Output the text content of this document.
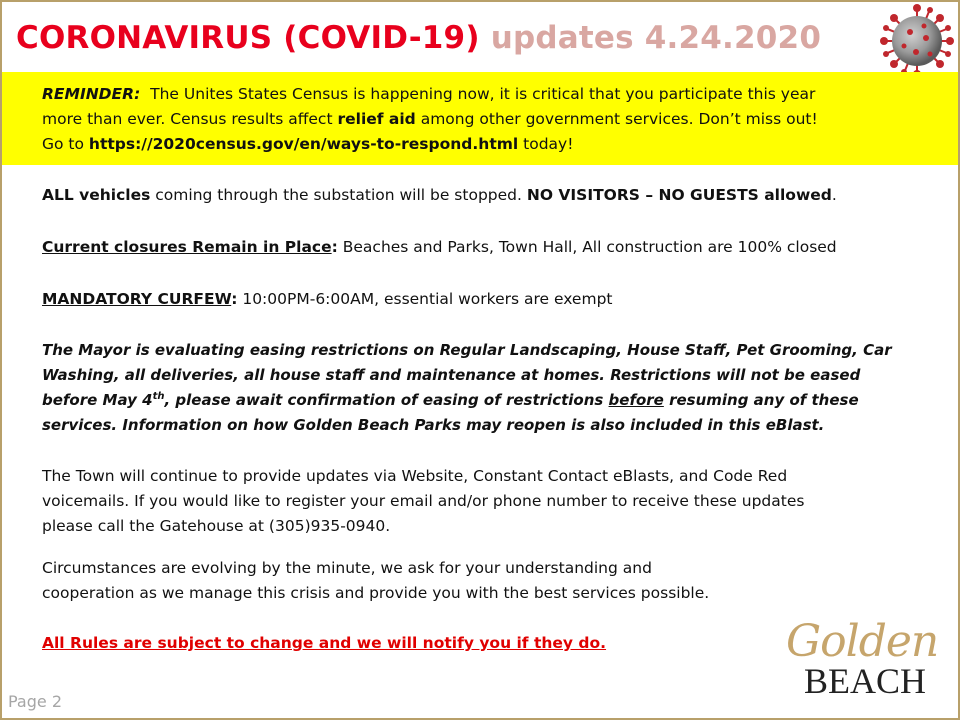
CORONAVIRUS (COVID-19) updates 4.24.2020

REMINDER: The Unites States Census is happening now, it is critical that you participate this year
more than ever. Census results affect relief aid among other government services. Don’t miss out!
Go to https://2020census.gov/en/ways-to-respond.html today!

ALL vehicles coming through the substation will be stopped. NO VISITORS – NO GUESTS allowed.

Current closures Remain in Place: Beaches and Parks, Town Hall, All construction are 100% closed

MANDATORY CURFEW: 10:00PM-6:00AM, essential workers are exempt

The Mayor is evaluating easing restrictions on Regular Landscaping, House Staff, Pet Grooming, Car
Washing, all deliveries, all house staff and maintenance at homes. Restrictions will not be eased
before May 4th, please await confirmation of easing of restrictions before resuming any of these
services. Information on how Golden Beach Parks may reopen is also included in this eBlast.

The Town will continue to provide updates via Website, Constant Contact eBlasts, and Code Red
voicemails. If you would like to register your email and/or phone number to receive these updates
please call the Gatehouse at (305)935-0940.

Circumstances are evolving by the minute, we ask for your understanding and
cooperation as we manage this crisis and provide you with the best services possible.

All Rules are subject to change and we will notify you if they do.

Page 2
Golden
BEACH
